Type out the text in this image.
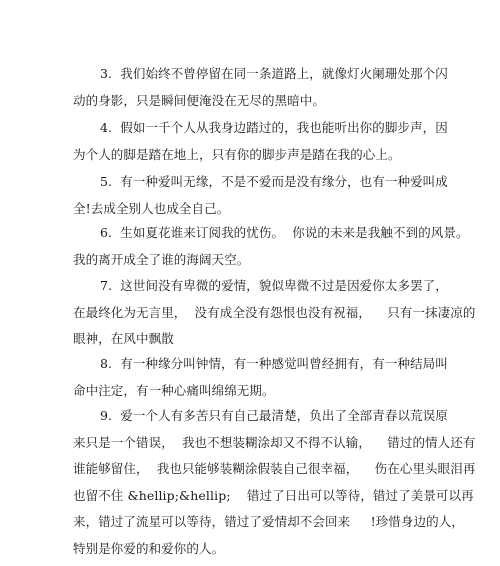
3.  我们始终不曾停留在同一条道路上，就像灯火阑珊处那个闪
动的身影，只是瞬间便淹没在无尽的黑暗中。
4.  假如一千个人从我身边踏过的，我也能听出你的脚步声，因
为个人的脚是踏在地上，只有你的脚步声是踏在我的心上。
5.  有一种爱叫无缘，不是不爱而是没有缘分，也有一种爱叫成
全!去成全别人也成全自己。
6.  生如夏花谁来订阅我的忧伤。  你说的未来是我触不到的风景。
我的离开成全了谁的海阔天空。
7.  这世间没有卑微的爱情，貌似卑微不过是因爱你太多罢了，
在最终化为无言里，  没有成全没有怨恨也没有祝福，    只有一抹凄凉的
眼神，在风中飘散
8.  有一种缘分叫钟情，有一种感觉叫曾经拥有，有一种结局叫
命中注定，有一种心痛叫绵绵无期。
9.  爱一个人有多苦只有自己最清楚，负出了全部青春以荒误原
来只是一个错误，  我也不想装糊涂却又不得不认输，    错过的情人还有
谁能够留住，  我也只能够装糊涂假装自己很幸福，    伤在心里头眼泪再
也留不住 &hellip;&hellip;    错过了日出可以等待，错过了美景可以再
来，错过了流星可以等待，错过了爱情却不会回来     !珍惜身边的人，
特别是你爱的和爱你的人。
